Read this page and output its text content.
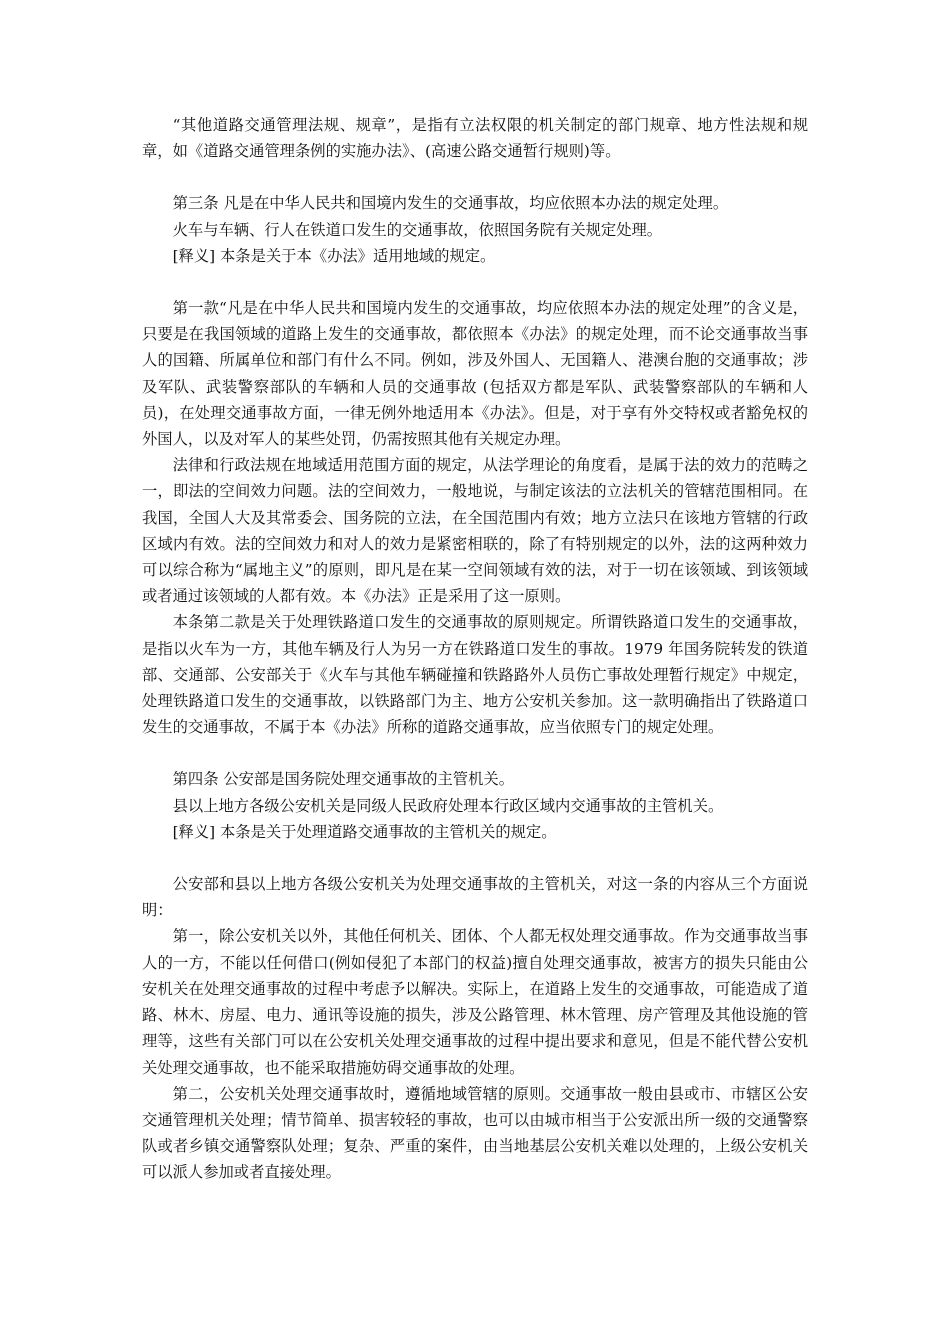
“其他道路交通管理法规、规章”，是指有立法权限的机关制定的部门规章、地方性法规和规章，如《道路交通管理条例的实施办法》、(高速公路交通暂行规则)等。

第三条 凡是在中华人民共和国境内发生的交通事故，均应依照本办法的规定处理。

火车与车辆、行人在铁道口发生的交通事故，依照国务院有关规定处理。

[释义] 本条是关于本《办法》适用地域的规定。

第一款“凡是在中华人民共和国境内发生的交通事故，均应依照本办法的规定处理”的含义是，只要是在我国领域的道路上发生的交通事故，都依照本《办法》的规定处理，而不论交通事故当事人的国籍、所属单位和部门有什么不同。例如，涉及外国人、无国籍人、港澳台胞的交通事故；涉及军队、武装警察部队的车辆和人员的交通事故 (包括双方都是军队、武装警察部队的车辆和人员)，在处理交通事故方面，一律无例外地适用本《办法》。但是，对于享有外交特权或者豁免权的外国人，以及对军人的某些处罚，仍需按照其他有关规定办理。

法律和行政法规在地域适用范围方面的规定，从法学理论的角度看，是属于法的效力的范畴之一，即法的空间效力问题。法的空间效力，一般地说，与制定该法的立法机关的管辖范围相同。在我国，全国人大及其常委会、国务院的立法，在全国范围内有效；地方立法只在该地方管辖的行政区域内有效。法的空间效力和对人的效力是紧密相联的，除了有特别规定的以外，法的这两种效力可以综合称为“属地主义”的原则，即凡是在某一空间领域有效的法，对于一切在该领域、到该领域或者通过该领域的人都有效。本《办法》正是采用了这一原则。

本条第二款是关于处理铁路道口发生的交通事故的原则规定。所谓铁路道口发生的交通事故，是指以火车为一方，其他车辆及行人为另一方在铁路道口发生的事故。1979 年国务院转发的铁道部、交通部、公安部关于《火车与其他车辆碰撞和铁路路外人员伤亡事故处理暂行规定》中规定，处理铁路道口发生的交通事故，以铁路部门为主、地方公安机关参加。这一款明确指出了铁路道口发生的交通事故，不属于本《办法》所称的道路交通事故，应当依照专门的规定处理。

第四条 公安部是国务院处理交通事故的主管机关。

县以上地方各级公安机关是同级人民政府处理本行政区域内交通事故的主管机关。

[释义] 本条是关于处理道路交通事故的主管机关的规定。

公安部和县以上地方各级公安机关为处理交通事故的主管机关，对这一条的内容从三个方面说明：

第一，除公安机关以外，其他任何机关、团体、个人都无权处理交通事故。作为交通事故当事人的一方，不能以任何借口(例如侵犯了本部门的权益)擅自处理交通事故，被害方的损失只能由公安机关在处理交通事故的过程中考虑予以解决。实际上，在道路上发生的交通事故，可能造成了道路、林木、房屋、电力、通讯等设施的损失，涉及公路管理、林木管理、房产管理及其他设施的管理等，这些有关部门可以在公安机关处理交通事故的过程中提出要求和意见，但是不能代替公安机关处理交通事故，也不能采取措施妨碍交通事故的处理。

第二，公安机关处理交通事故时，遵循地域管辖的原则。交通事故一般由县或市、市辖区公安交通管理机关处理；情节简单、损害较轻的事故，也可以由城市相当于公安派出所一级的交通警察队或者乡镇交通警察队处理；复杂、严重的案件，由当地基层公安机关难以处理的，上级公安机关可以派人参加或者直接处理。
